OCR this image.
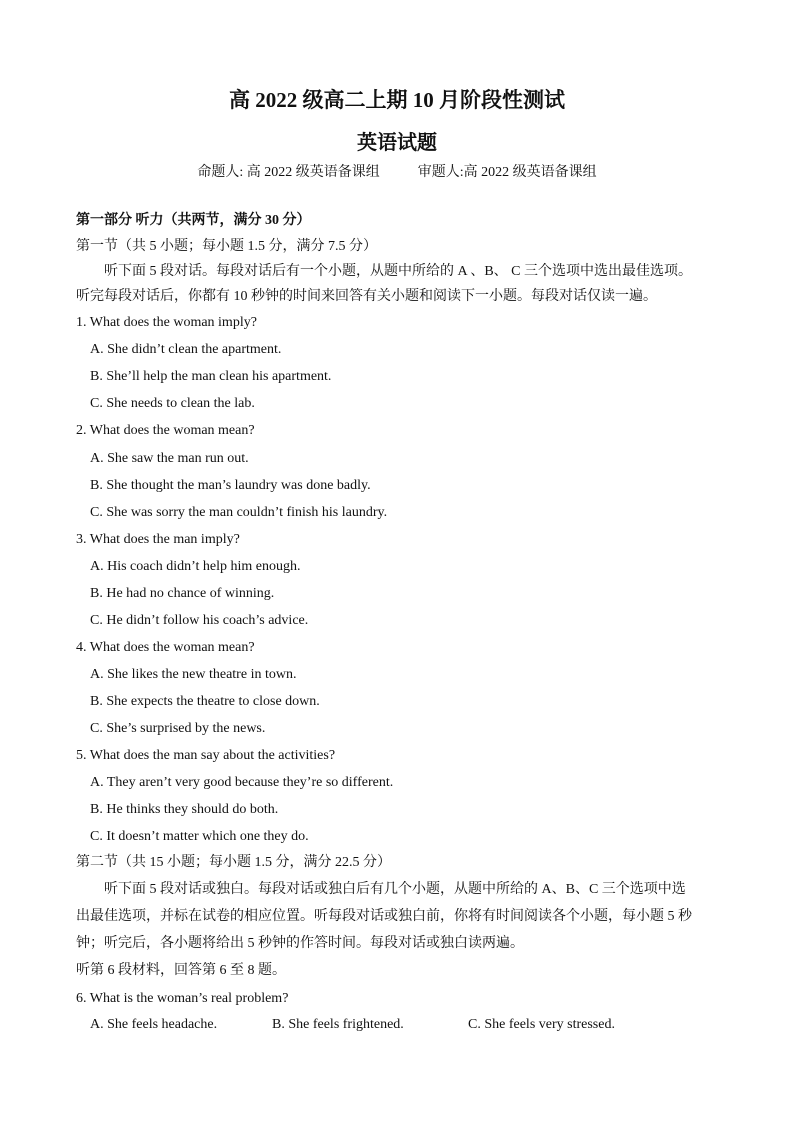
高 2022 级高二上期 10 月阶段性测试
英语试题
命题人: 高 2022 级英语备课组	审题人:高 2022 级英语备课组
第一部分 听力（共两节，满分 30 分）
第一节（共 5 小题；每小题 1.5 分，满分 7.5 分）
听下面 5 段对话。每段对话后有一个小题，从题中所给的 A 、B、 C 三个选项中选出最佳选项。
听完每段对话后，你都有 10 秒钟的时间来回答有关小题和阅读下一小题。每段对话仅读一遍。
1. What does the woman imply?
A. She didn’t clean the apartment.
B. She’ll help the man clean his apartment.
C. She needs to clean the lab.
2. What does the woman mean?
A. She saw the man run out.
B. She thought the man’s laundry was done badly.
C. She was sorry the man couldn’t finish his laundry.
3. What does the man imply?
A. His coach didn’t help him enough.
B. He had no chance of winning.
C. He didn’t follow his coach’s advice.
4. What does the woman mean?
A. She likes the new theatre in town.
B. She expects the theatre to close down.
C. She’s surprised by the news.
5. What does the man say about the activities?
A. They aren’t very good because they’re so different.
B. He thinks they should do both.
C. It doesn’t matter which one they do.
第二节（共 15 小题；每小题 1.5 分，满分 22.5 分）
听下面 5 段对话或独白。每段对话或独白后有几个小题，从题中所给的 A、B、C 三个选项中选
出最佳选项，并标在试卷的相应位置。听每段对话或独白前，你将有时间阅读各个小题，每小题 5 秒
钟；听完后，各小题将给出 5 秒钟的作答时间。每段对话或独白读两遍。
听第 6 段材料，回答第 6 至 8 题。
6. What is the woman’s real problem?
A. She feels headache.	B. She feels frightened.	C. She feels very stressed.
